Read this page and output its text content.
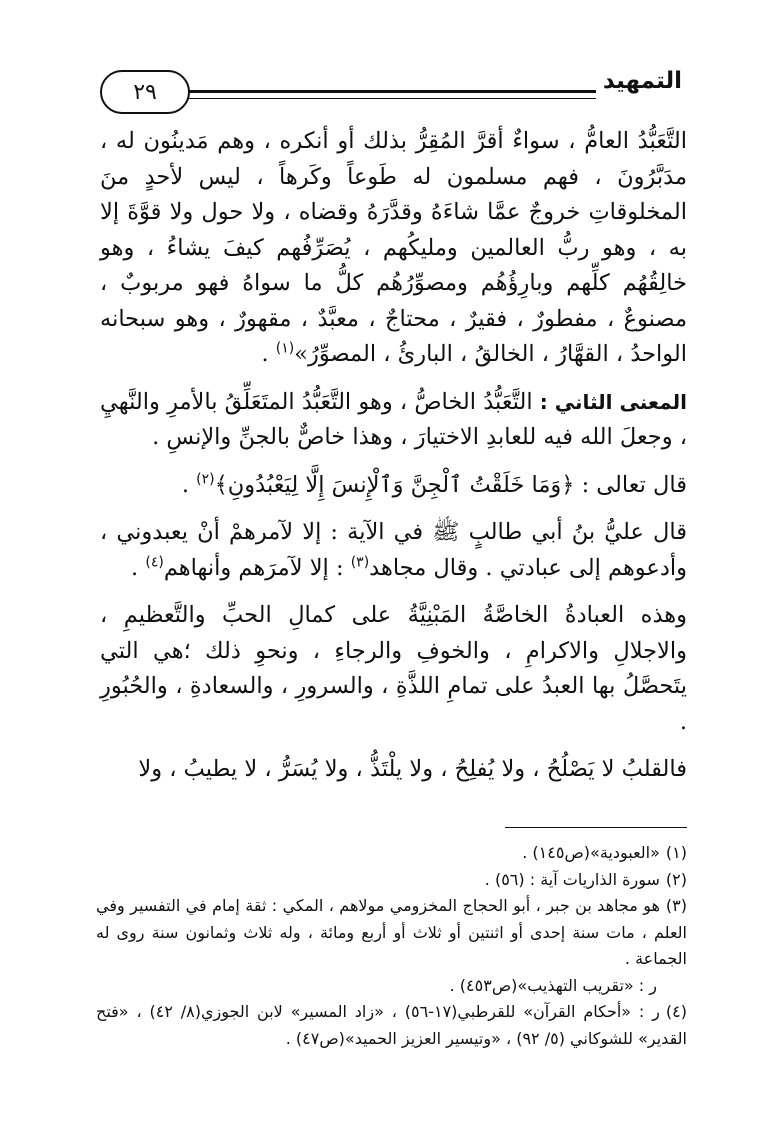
التمهيد
٢٩

التَّعَبُّدُ العامُّ ، سواءٌ أقرَّ المُقِرُّ بذلك أو أنكره ، وهم مَدينُون له ، مدَبَّرُونَ ، فهم مسلمون له طَوعاً وكَرهاً ، ليس لأحدٍ منَ المخلوقاتِ خروجٌ عمَّا شاءَهُ وقدَّرَهُ وقضاه ، ولا حول ولا قوَّةَ إلا به ، وهو ربُّ العالمين ومليكُهم ، يُصَرِّفُهم كيفَ يشاءُ ، وهو خالِقُهُم كلِّهم وبارِؤُهُم ومصوِّرُهُم كلُّ ما سواهُ فهو مربوبٌ ، مصنوعٌ ، مفطورٌ ، فقيرٌ ، محتاجٌ ، معبَّدٌ ، مقهورٌ ، وهو سبحانه الواحدُ ، القهَّارُ ، الخالقُ ، البارئُ ، المصوِّرُ»$^{(١)}$ .

المعنى الثاني : التَّعَبُّدُ الخاصُّ ، وهو التَّعَبُّدُ المتَعَلِّقُ بالأمرِ والنَّهيِ ، وجعلَ الله فيه للعابدِ الاختيارَ ، وهذا خاصٌّ بالجنِّ والإنسِ .

قال تعالى : ﴿وَمَا خَلَقْتُ ٱلْجِنَّ وَٱلْإِنسَ إِلَّا لِيَعْبُدُونِ﴾$^{(٢)}$ .

قال عليُّ بنُ أبي طالبٍ ﷺ في الآية : إلا لآمرهمْ أنْ يعبدوني ، وأدعوهم إلى عبادتي . وقال مجاهد$^{(٣)}$ : إلا لآمرَهم وأنهاهم$^{(٤)}$ .

وهذه العبادةُ الخاصَّةُ المَبْنِيَّةُ على كمالِ الحبِّ والتَّعظيمِ ، والاجلالِ والاكرامِ ، والخوفِ والرجاءِ ، ونحوِ ذلك ؛هي التي يتَحصَّلُ بها العبدُ على تمامِ اللذَّةِ ، والسرورِ ، والسعادةِ ، والحُبُورِ .

فالقلبُ لا يَصْلُحُ ، ولا يُفلِحُ ، ولا يلْتَذُّ ، ولا يُسَرُّ ، لا يطيبُ ، ولا

(١)«العبودية»(ص١٤٥) .

(٢)سورة الذاريات آية : (٥٦) .

(٣)هو مجاهد بن جبر ، أبو الحجاج المخزومي مولاهم ، المكي : ثقة إمام في التفسير وفي العلم ، مات سنة إحدى أو اثنتين أو ثلاث أو أربع ومائة ، وله ثلاث وثمانون سنة روى له الجماعة .

ر : «تقريب التهذيب»(ص٤٥٣) .

(٤)ر : «أحكام القرآن» للقرطبي(١٧-٥٦) ، «زاد المسير» لابن الجوزي(٨/ ٤٢) ، «فتح القدير» للشوكاني (٥/ ٩٢) ، «وتيسير العزيز الحميد»(ص٤٧) .
